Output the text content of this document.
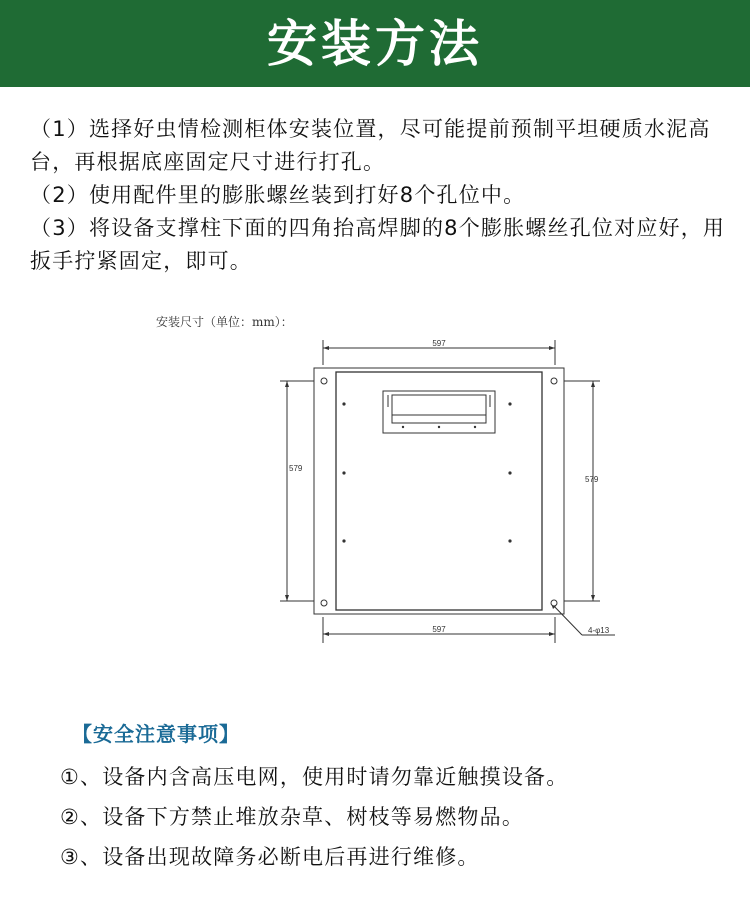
安装方法

（1）选择好虫情检测柜体安装位置，尽可能提前预制平坦硬质水泥高台，再根据底座固定尺寸进行打孔。

（2）使用配件里的膨胀螺丝装到打好8个孔位中。

（3）将设备支撑柱下面的四角抬高焊脚的8个膨胀螺丝孔位对应好，用扳手拧紧固定，即可。

安装尺寸（单位：mm）：
597
597
579
579
4-φ13
【安全注意事项】

①、设备内含高压电网，使用时请勿靠近触摸设备。

②、设备下方禁止堆放杂草、树枝等易燃物品。

③、设备出现故障务必断电后再进行维修。
